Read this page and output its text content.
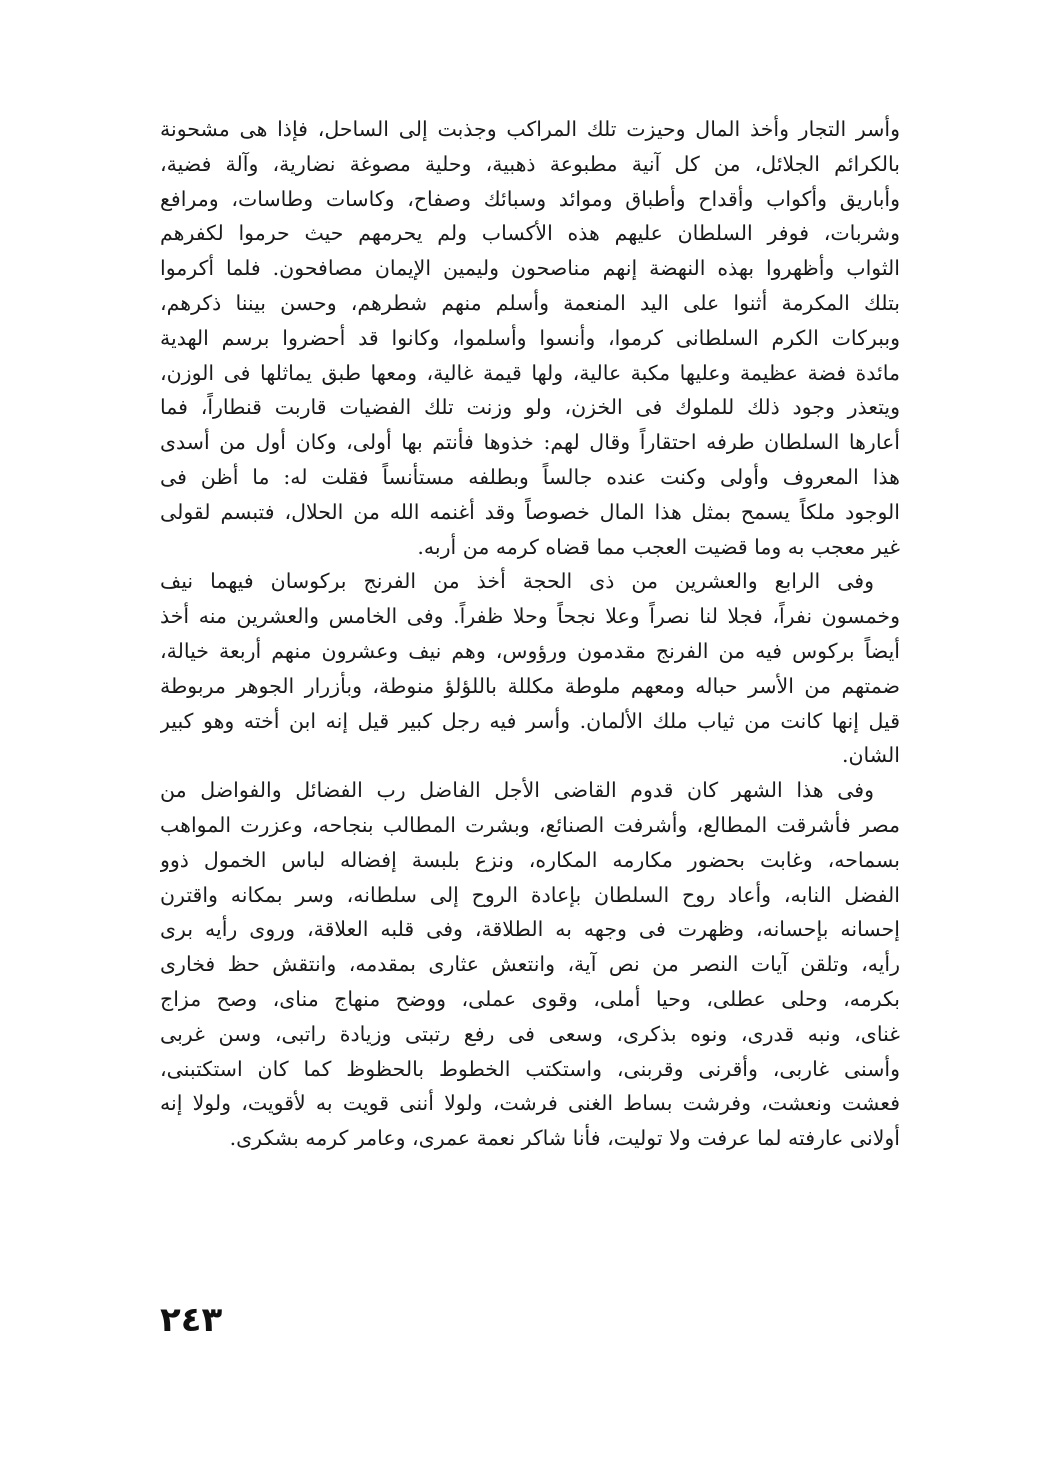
وأسر التجار وأخذ المال وحيزت تلك المراكب وجذبت إلى الساحل، فإذا هى مشحونة
بالكرائم الجلائل، من كل آنية مطبوعة ذهبية، وحلية مصوغة نضارية، وآلة فضية،
وأباريق وأكواب وأقداح وأطباق وموائد وسبائك وصفاح، وكاسات وطاسات، ومرافع
وشربات، فوفر السلطان عليهم هذه الأكساب ولم يحرمهم حيث حرموا لكفرهم
الثواب وأظهروا بهذه النهضة إنهم مناصحون وليمين الإيمان مصافحون. فلما أكرموا
بتلك المكرمة أثنوا على اليد المنعمة وأسلم منهم شطرهم، وحسن بيننا ذكرهم،
وببركات الكرم السلطانى كرموا، وأنسوا وأسلموا، وكانوا قد أحضروا برسم الهدية
مائدة فضة عظيمة وعليها مكبة عالية، ولها قيمة غالية، ومعها طبق يماثلها فى الوزن،
ويتعذر وجود ذلك للملوك فى الخزن، ولو وزنت تلك الفضيات قاربت قنطاراً، فما
أعارها السلطان طرفه احتقاراً وقال لهم: خذوها فأنتم بها أولى، وكان أول من أسدى
هذا المعروف وأولى وكنت عنده جالساً وبطلفه مستأنساً فقلت له: ما أظن فى
الوجود ملكاً يسمح بمثل هذا المال خصوصاً وقد أغنمه الله من الحلال، فتبسم لقولى
غير معجب به وما قضيت العجب مما قضاه كرمه من أربه.
وفى الرابع والعشرين من ذى الحجة أخذ من الفرنج بركوسان فيهما نيف
وخمسون نفراً، فجلا لنا نصراً وعلا نجحاً وحلا ظفراً. وفى الخامس والعشرين منه أخذ
أيضاً بركوس فيه من الفرنج مقدمون ورؤوس، وهم نيف وعشرون منهم أربعة خيالة،
ضمتهم من الأسر حباله ومعهم ملوطة مكللة باللؤلؤ منوطة، وبأزرار الجوهر مربوطة
قيل إنها كانت من ثياب ملك الألمان. وأسر فيه رجل كبير قيل إنه ابن أخته وهو كبير
الشان.
وفى هذا الشهر كان قدوم القاضى الأجل الفاضل رب الفضائل والفواضل من
مصر فأشرقت المطالع، وأشرفت الصنائع، وبشرت المطالب بنجاحه، وعزرت المواهب
بسماحه، وغابت بحضور مكارمه المكاره، ونزع بلبسة إفضاله لباس الخمول ذوو
الفضل النابه، وأعاد روح السلطان بإعادة الروح إلى سلطانه، وسر بمكانه واقترن
إحسانه بإحسانه، وظهرت فى وجهه به الطلاقة، وفى قلبه العلاقة، وروى رأيه برى
رأيه، وتلقن آيات النصر من نص آية، وانتعش عثارى بمقدمه، وانتقش حظ فخارى
بكرمه، وحلى عطلى، وحيا أملى، وقوى عملى، ووضح منهاج مناى، وصح مزاج
غناى، ونبه قدرى، ونوه بذكرى، وسعى فى رفع رتبتى وزيادة راتبى، وسن غربى
وأسنى غاربى، وأقرنى وقربنى، واستكتب الخطوط بالحظوظ كما كان استكتبنى،
فعشت ونعشت، وفرشت بساط الغنى فرشت، ولولا أننى قويت به لأقويت، ولولا إنه
أولانى عارفته لما عرفت ولا توليت، فأنا شاكر نعمة عمرى، وعامر كرمه بشكرى.
٢٤٣
